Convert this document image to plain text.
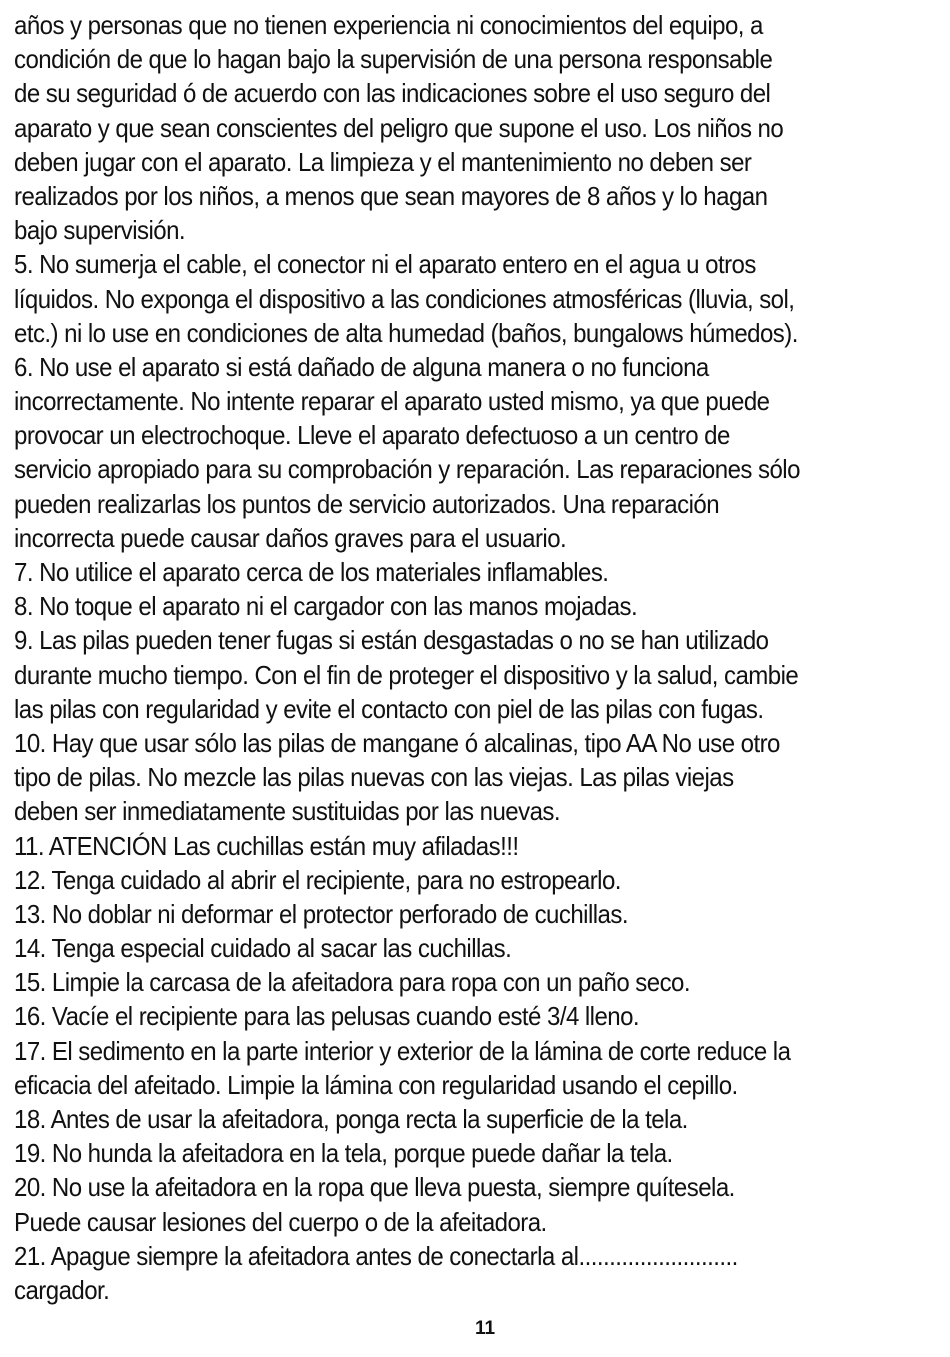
años y personas que no tienen experiencia ni conocimientos del equipo, a
condición de que lo hagan bajo la supervisión de una persona responsable
de su seguridad ó de acuerdo con las indicaciones sobre el uso seguro del
aparato y que sean conscientes del peligro que supone el uso. Los niños no
deben jugar con el aparato. La limpieza y el mantenimiento no deben ser
realizados por los niños, a menos que sean mayores de 8 años y lo hagan
bajo supervisión.
5. No sumerja el cable, el conector ni el aparato entero en el agua u otros
líquidos. No exponga el dispositivo a las condiciones atmosféricas (lluvia, sol,
etc.) ni lo use en condiciones de alta humedad (baños, bungalows húmedos).
6. No use el aparato si está dañado de alguna manera o no funciona
incorrectamente. No intente reparar el aparato usted mismo, ya que puede
provocar un electrochoque. Lleve el aparato defectuoso a un centro de
servicio apropiado para su comprobación y reparación. Las reparaciones sólo
pueden realizarlas los puntos de servicio autorizados. Una reparación
incorrecta puede causar daños graves para el usuario.
7. No utilice el aparato cerca de los materiales inflamables.
8. No toque el aparato ni el cargador con las manos mojadas.
9. Las pilas pueden tener fugas si están desgastadas o no se han utilizado
durante mucho tiempo. Con el fin de proteger el dispositivo y la salud, cambie
las pilas con regularidad y evite el contacto con piel de las pilas con fugas.
10. Hay que usar sólo las pilas de mangane ó alcalinas, tipo AA No use otro
tipo de pilas. No mezcle las pilas nuevas con las viejas. Las pilas viejas
deben ser inmediatamente sustituidas por las nuevas.
11. ATENCIÓN Las cuchillas están muy afiladas!!!
12. Tenga cuidado al abrir el recipiente, para no estropearlo.
13. No doblar ni deformar el protector perforado de cuchillas.
14. Tenga especial cuidado al sacar las cuchillas.
15. Limpie la carcasa de la afeitadora para ropa con un paño seco.
16. Vacíe el recipiente para las pelusas cuando esté 3/4 lleno.
17. El sedimento en la parte interior y exterior de la lámina de corte reduce la
eficacia del afeitado. Limpie la lámina con regularidad usando el cepillo.
18. Antes de usar la afeitadora, ponga recta la superficie de la tela.
19. No hunda la afeitadora en la tela, porque puede dañar la tela.
20. No use la afeitadora en la ropa que lleva puesta, siempre quítesela.
Puede causar lesiones del cuerpo o de la afeitadora.
21. Apague siempre la afeitadora antes de conectarla al..........................
cargador.
11
